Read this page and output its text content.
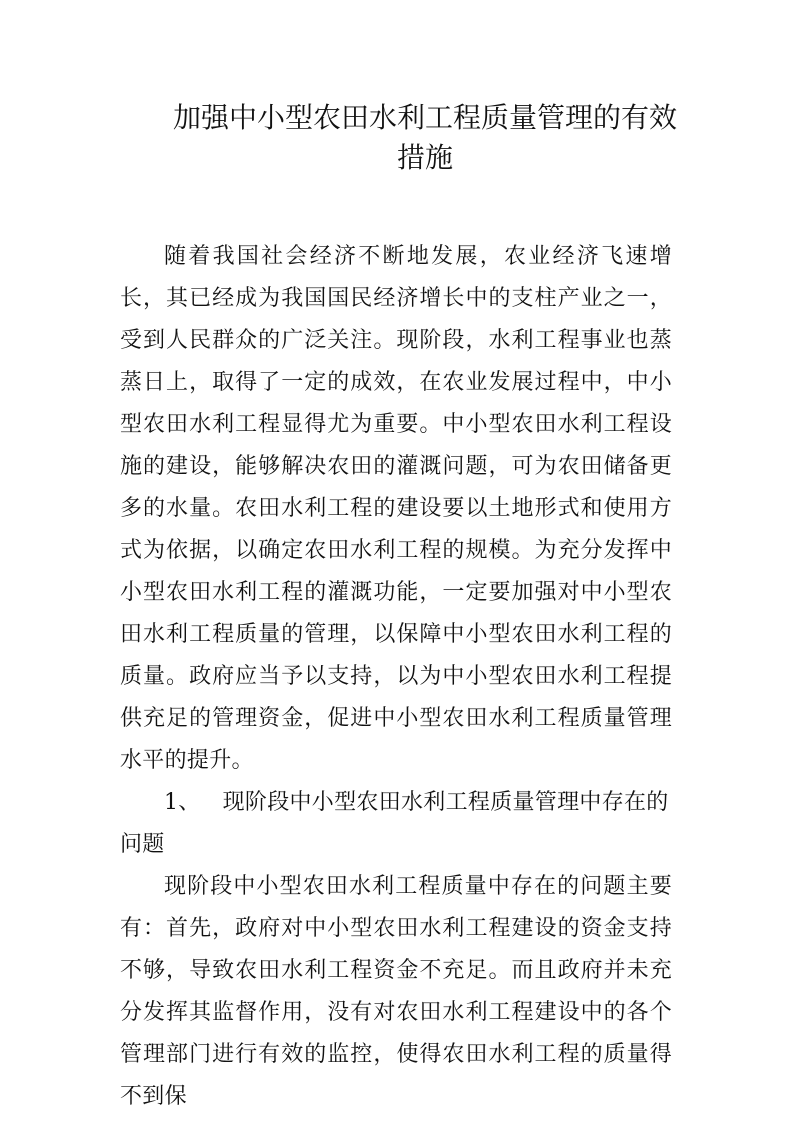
加强中小型农田水利工程质量管理的有效
措施

随着我国社会经济不断地发展，农业经济飞速增长，其已经成为我国国民经济增长中的支柱产业之一，受到人民群众的广泛关注。现阶段，水利工程事业也蒸蒸日上，取得了一定的成效，在农业发展过程中，中小型农田水利工程显得尤为重要。中小型农田水利工程设施的建设，能够解决农田的灌溉问题，可为农田储备更多的水量。农田水利工程的建设要以土地形式和使用方式为依据，以确定农田水利工程的规模。为充分发挥中小型农田水利工程的灌溉功能，一定要加强对中小型农田水利工程质量的管理，以保障中小型农田水利工程的质量。政府应当予以支持，以为中小型农田水利工程提供充足的管理资金，促进中小型农田水利工程质量管理水平的提升。

1、 现阶段中小型农田水利工程质量管理中存在的问题

现阶段中小型农田水利工程质量中存在的问题主要有：首先，政府对中小型农田水利工程建设的资金支持不够，导致农田水利工程资金不充足。而且政府并未充分发挥其监督作用，没有对农田水利工程建设中的各个管理部门进行有效的监控，使得农田水利工程的质量得不到保
